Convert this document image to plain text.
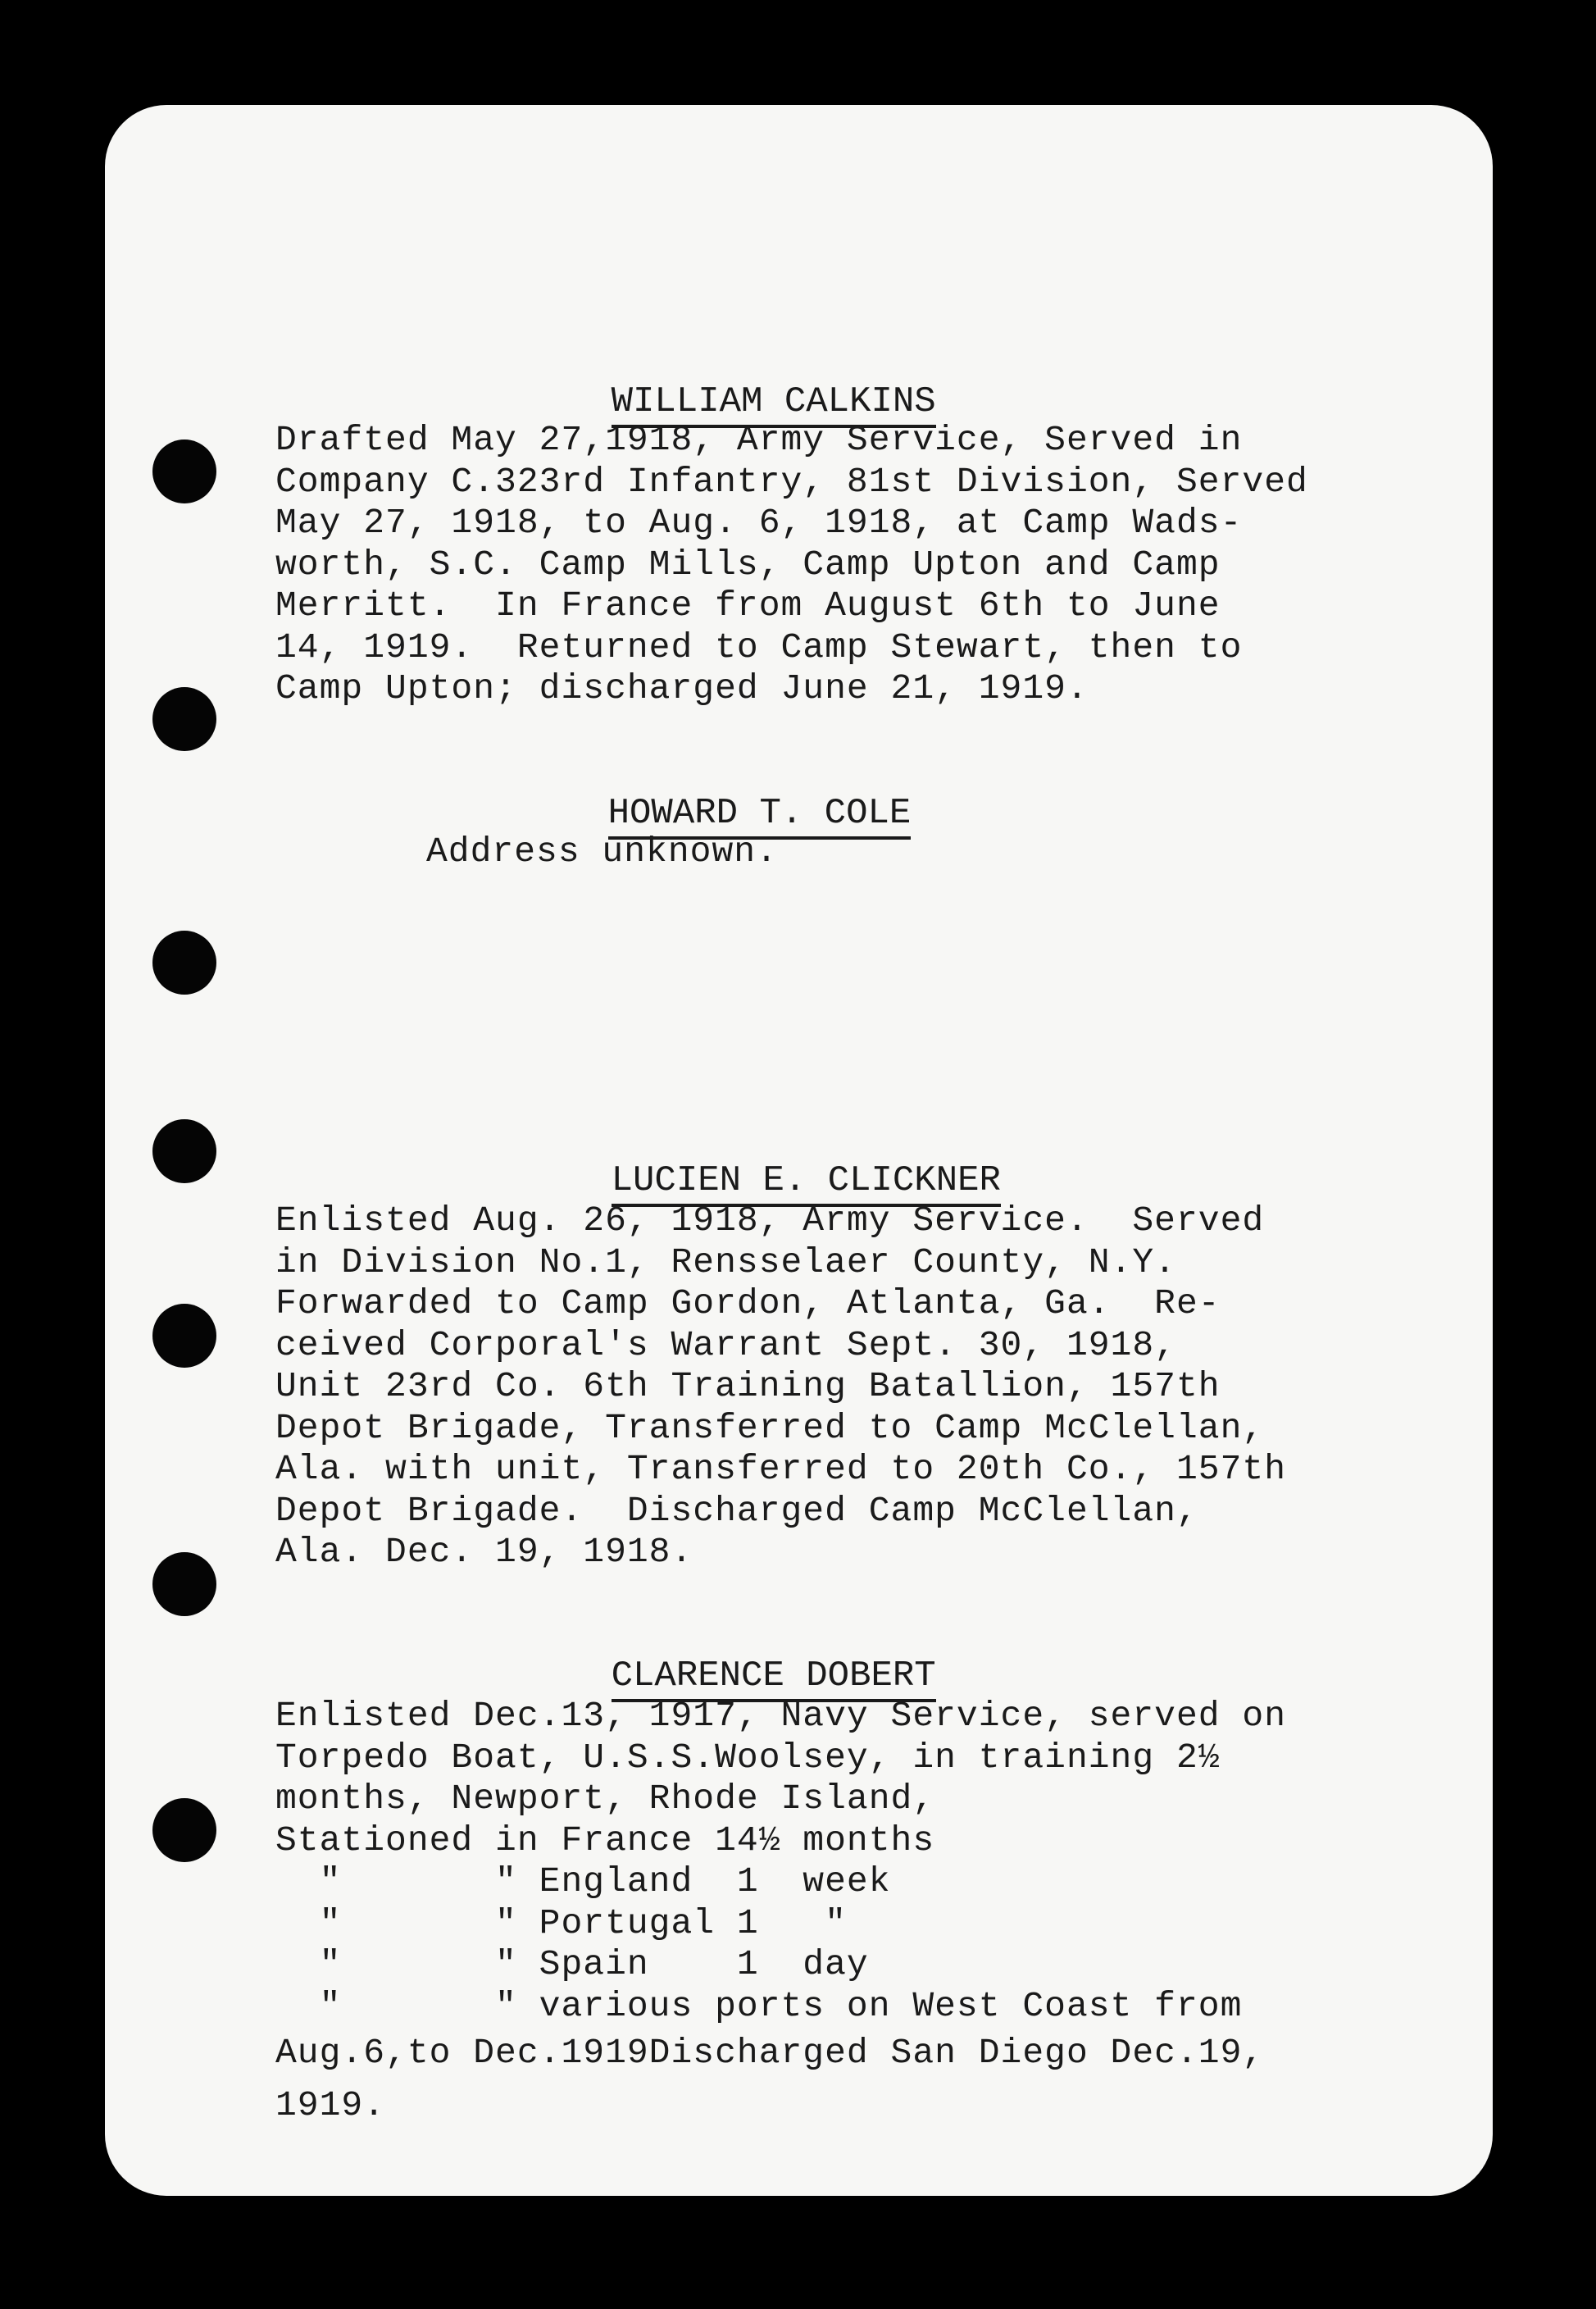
WILLIAM CALKINS

Drafted May 27,1918, Army Service, Served in
Company C.323rd Infantry, 81st Division, Served
May 27, 1918, to Aug. 6, 1918, at Camp Wads-
worth, S.C. Camp Mills, Camp Upton and Camp
Merritt.  In France from August 6th to June
14, 1919.  Returned to Camp Stewart, then to
Camp Upton; discharged June 21, 1919.

HOWARD T. COLE

Address unknown.

LUCIEN E. CLICKNER

Enlisted Aug. 26, 1918, Army Service.  Served
in Division No.1, Rensselaer County, N.Y.
Forwarded to Camp Gordon, Atlanta, Ga.  Re-
ceived Corporal's Warrant Sept. 30, 1918,
Unit 23rd Co. 6th Training Batallion, 157th
Depot Brigade, Transferred to Camp McClellan,
Ala. with unit, Transferred to 20th Co., 157th
Depot Brigade.  Discharged Camp McClellan,
Ala. Dec. 19, 1918.

CLARENCE DOBERT

Enlisted Dec.13, 1917, Navy Service, served on
Torpedo Boat, U.S.S.Woolsey, in training 2½
months, Newport, Rhode Island,
Stationed in France 14½ months
"       " England  1  week
"       " Portugal 1   "
"       " Spain    1  day
"       " various ports on West Coast from
Aug.6,to Dec.1919Discharged San Diego Dec.19,
1919.
